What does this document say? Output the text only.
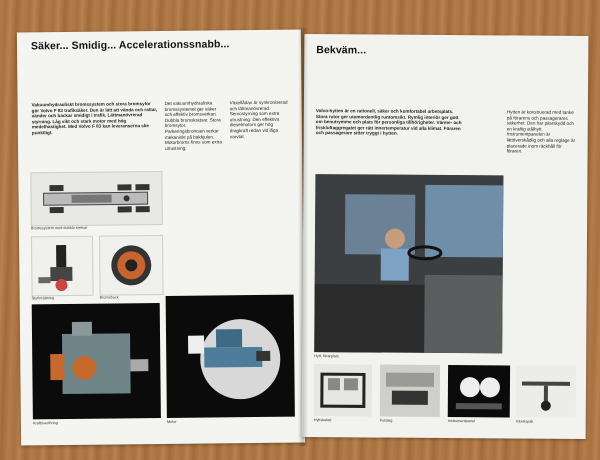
Säker... Smidig... Accelerationssnabb...

Vakuumhydrauliskt bromssystem och stora bromsytor gör Volvo F 83 trafiksäker. Den är lätt att vända och rattar, vänder och backar smidigt i trafik. Lättmanövrerad styrning. Låg vikt och stark motor med hög medelhastighet. Med Volvo F 83 kan leveranserna ske punktligt.

Det vakuumhydrauliska bromssystemet ger säker och effektiv bromsverkan. Dubbla bromskretsar. Stora bromsytor. Parkeringsbromsen verkar mekaniskt på bakhjulen. Motorbroms finns som extra utrustning.

Växellådan är synkroniserad och lättmanövrerad. Servostyrning som extra utrustning. Den effektiva dieselmotorn ger hög dragkraft redan vid låga varvtal.

Bromssystem med dubbla kretsar
Styrinrättning	Bromsback
Kraftöverföring	Motor
Bekväm...

Volvo-hytten är en rationell, säker och komfortabel arbetsplats. Stora rutor ger utomordentlig runtomsikt. Rymlig interiör ger gott om benutrymme och plats för personliga tillhörigheter. Värme- och friskluftaggregatet ger rätt innertemperatur vid alla klimat. Föraren och passagerare sitter tryggt i hytten.

Hytten är konstruerad med tanke på förarens och passagerares säkerhet. Den har pilarskydd och en kraftig stålhytt. Instrumentpanelen är lättöverskådlig och alla reglage är placerade inom räckhåll för föraren.

Hytt, förarplats
Hyttskelett	Fotsteg	Instrumentpanel	Växelspak
